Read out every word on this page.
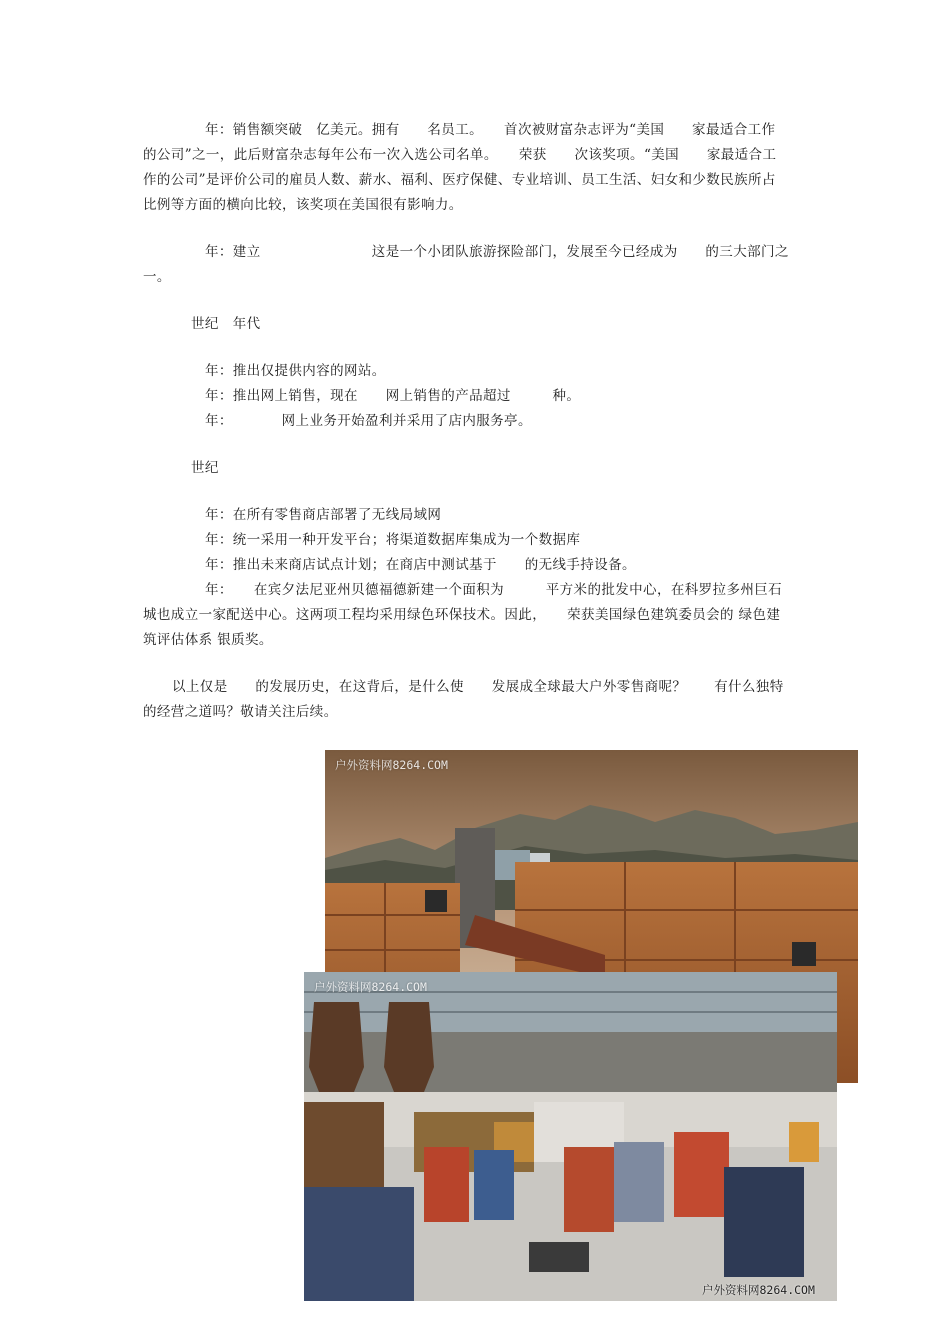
年：销售额突破　亿美元。拥有　　名员工。　　首次被财富杂志评为“美国　　家最适合工作
的公司”之一，此后财富杂志每年公布一次入选公司名单。　　荣获　　次该奖项。“美国　　家最适合工
作的公司”是评价公司的雇员人数、薪水、福利、医疗保健、专业培训、员工生活、妇女和少数民族所占
比例等方面的横向比较，该奖项在美国很有影响力。
年：建立　　　　　　　　这是一个小团队旅游探险部门，发展至今已经成为　　的三大部门之
一。
世纪　年代
年：推出仅提供内容的网站。
年：推出网上销售，现在　　网上销售的产品超过　　　种。
年：　　　　网上业务开始盈利并采用了店内服务亭。
世纪
年：在所有零售商店部署了无线局域网
年：统一采用一种开发平台；将渠道数据库集成为一个数据库
年：推出未来商店试点计划；在商店中测试基于　　的无线手持设备。
年：　　在宾夕法尼亚州贝德福德新建一个面积为　　　平方米的批发中心，在科罗拉多州巨石
城也成立一家配送中心。这两项工程均采用绿色环保技术。因此，　　荣获美国绿色建筑委员会的 绿色建
筑评估体系 银质奖。
以上仅是　　的发展历史，在这背后，是什么使　　发展成全球最大户外零售商呢？　　有什么独特
的经营之道吗？敬请关注后续。
户外资料网8264.COM
户外资料网8264.COM
户外资料网8264.COM
